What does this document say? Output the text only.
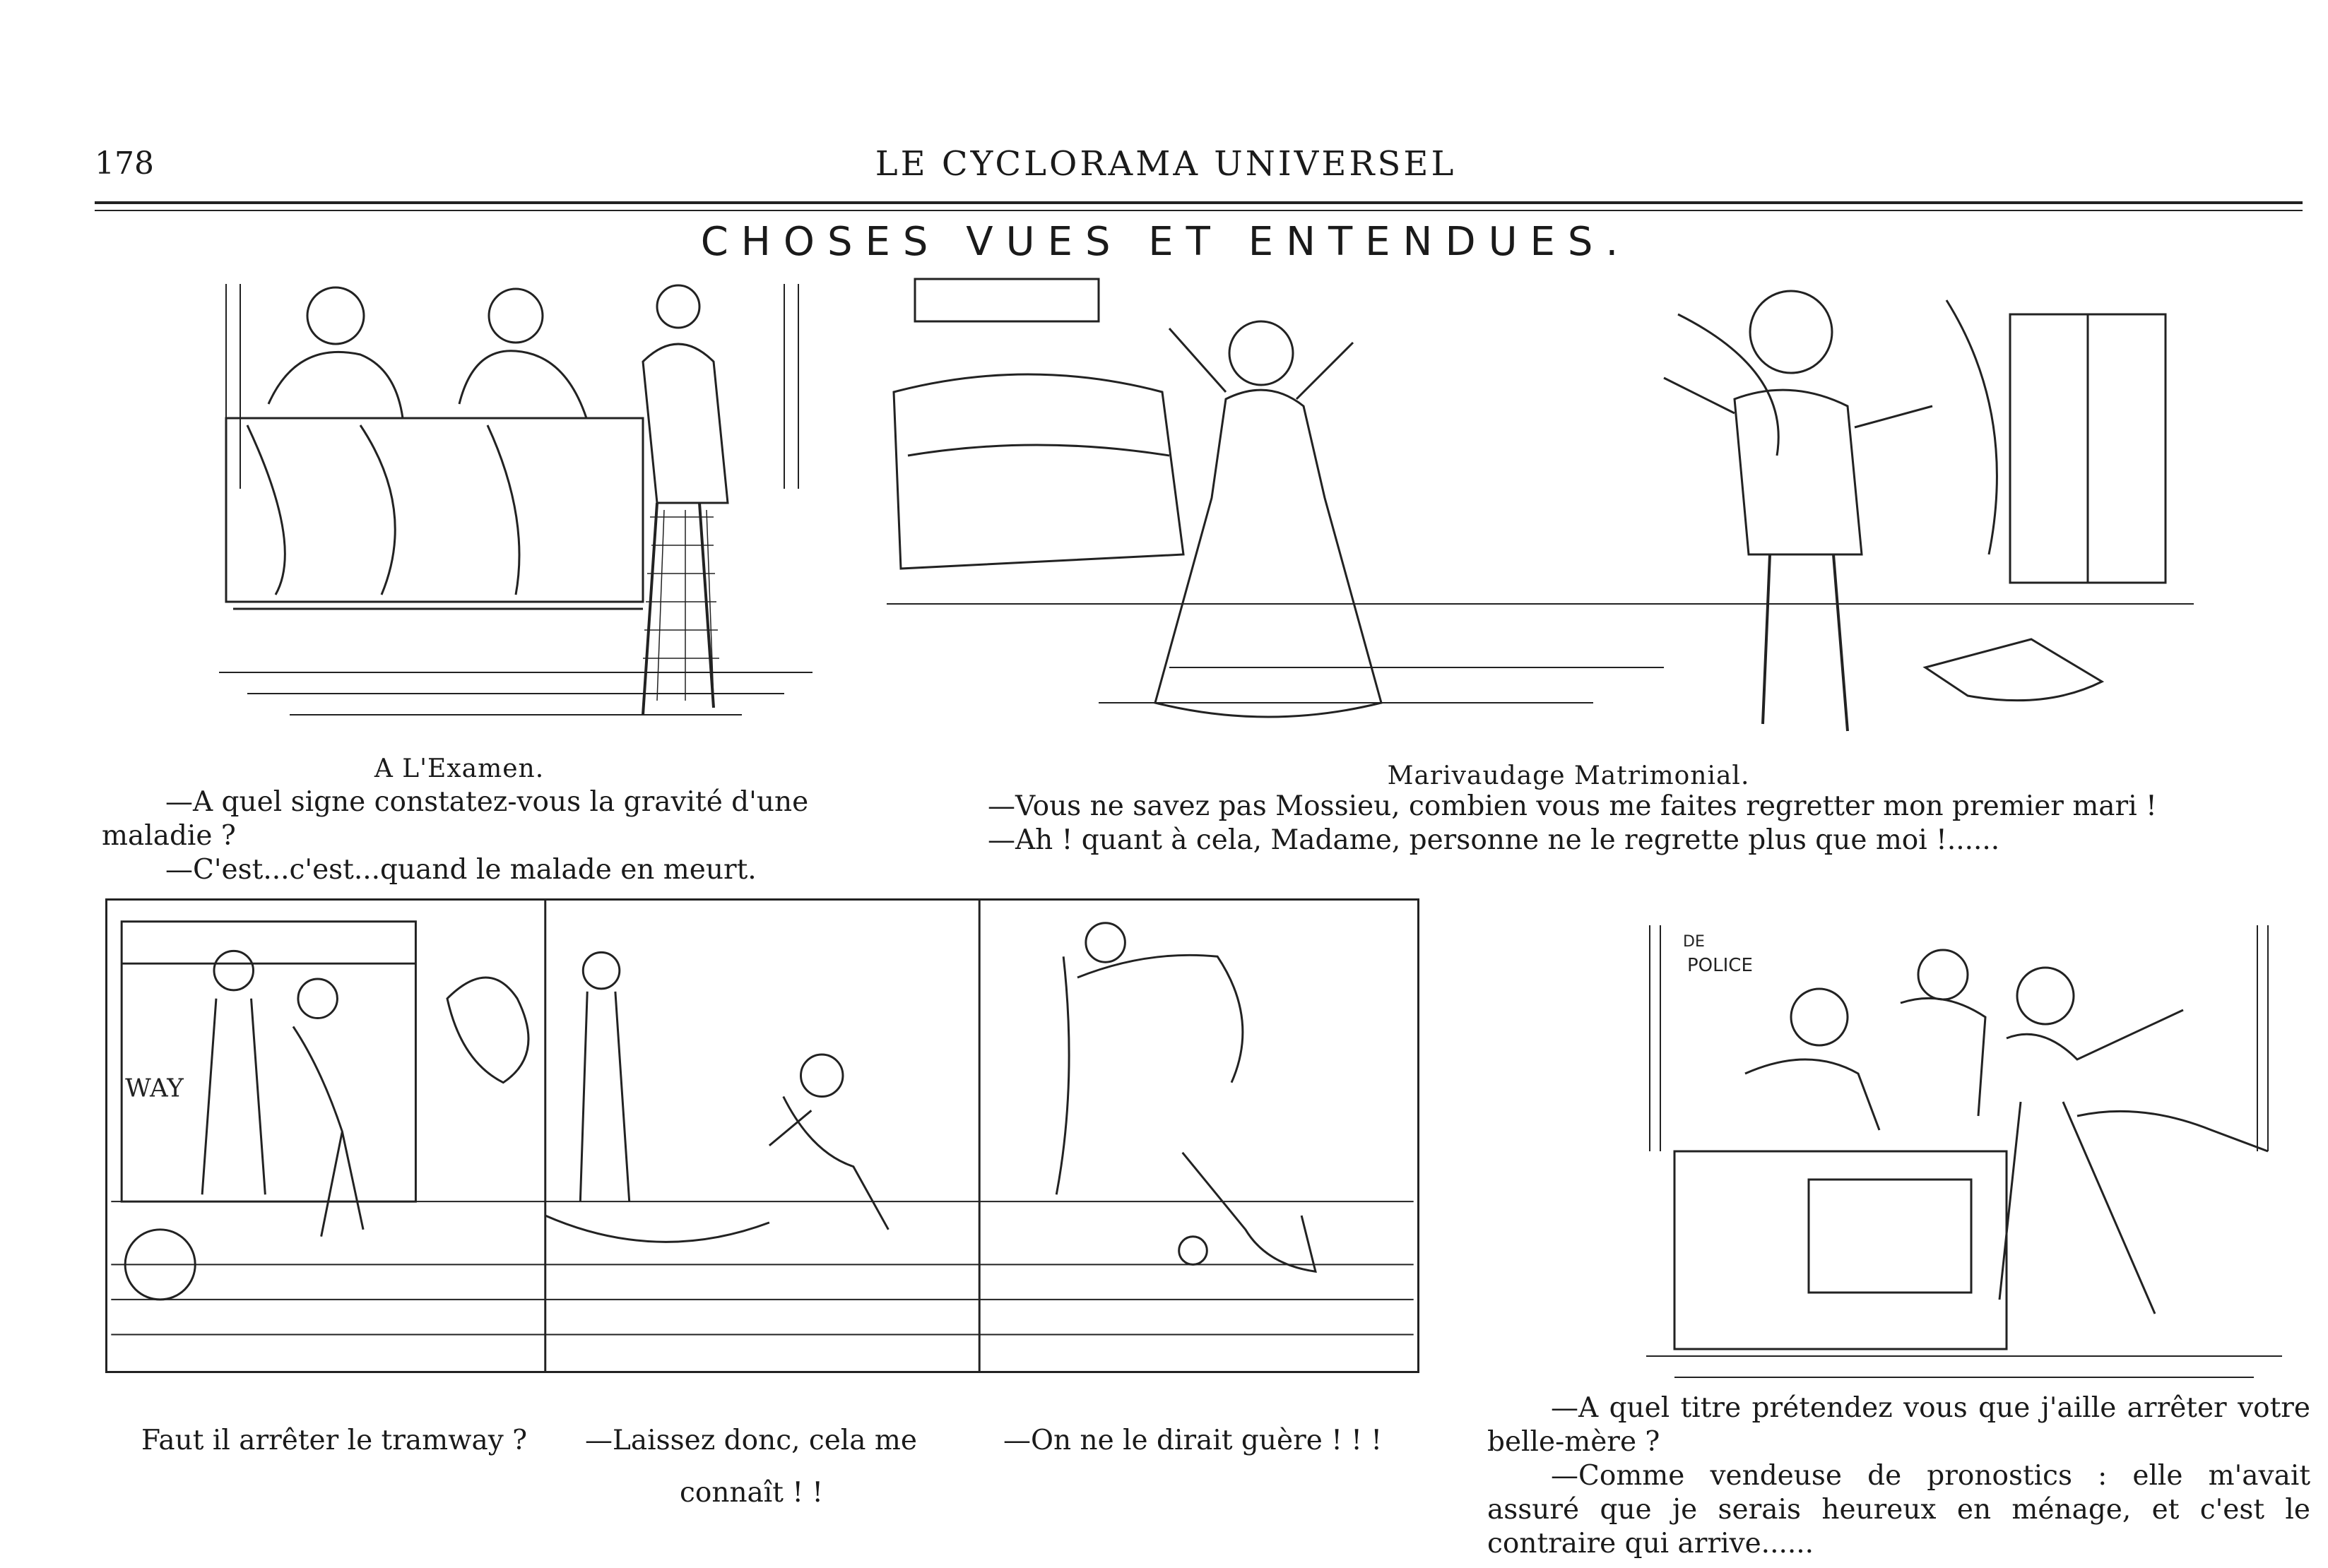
178	LE CYCLORAMA UNIVERSEL
CHOSES VUES ET ENTENDUES.
A L'Examen.

—A quel signe constatez-vous la gravité d'une maladie ?

—C'est...c'est...quand le malade en meurt.

Marivaudage Matrimonial.

—Vous ne savez pas Mossieu, combien vous me faites regretter mon premier mari !

—Ah ! quant à cela, Madame, personne ne le regrette plus que moi !......

WAY
Faut il arrêter le tramway ?	—Laissez donc, cela me	—On ne le dirait guère ! ! !
connaît ! !
DE
POLICE

—A quel titre prétendez vous que j'aille arrêter votre belle-mère ?

—Comme vendeuse de pronostics : elle m'avait assuré que je serais heureux en ménage, et c'est le contraire qui arrive......
